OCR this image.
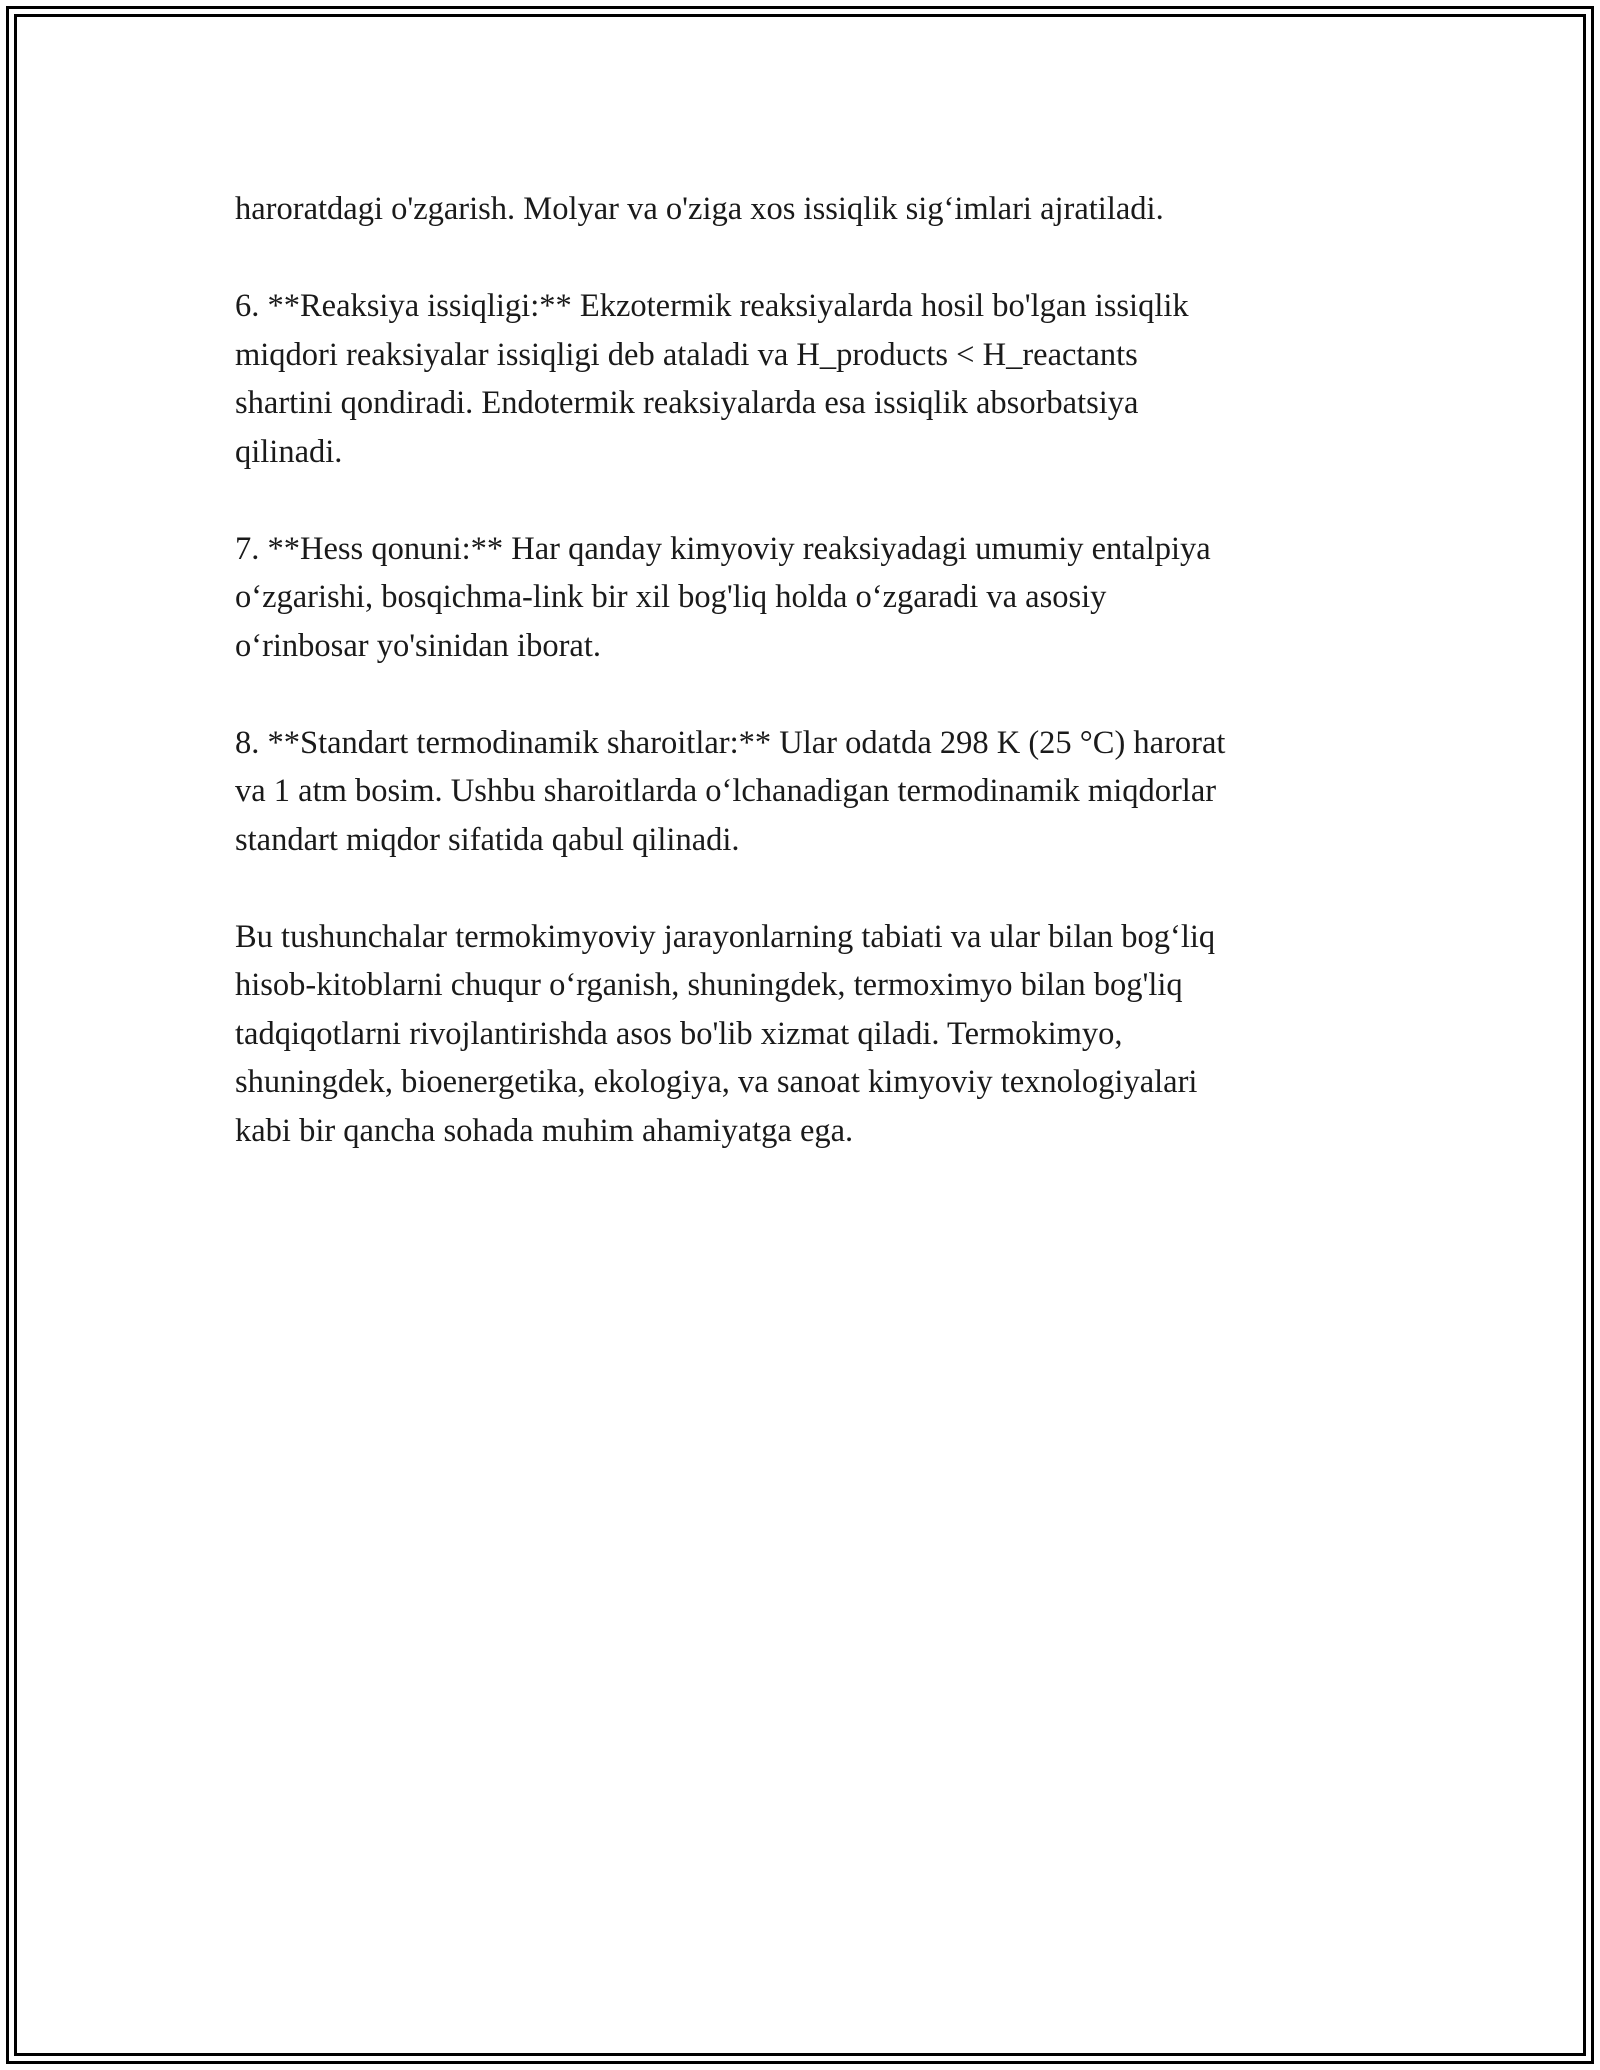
haroratdagi o'zgarish. Molyar va o'ziga xos issiqlik sig‘imlari ajratiladi.

6. **Reaksiya issiqligi:** Ekzotermik reaksiyalarda hosil bo'lgan issiqlik
miqdori reaksiyalar issiqligi deb ataladi va H_products < H_reactants
shartini qondiradi. Endotermik reaksiyalarda esa issiqlik absorbatsiya
qilinadi.

7. **Hess qonuni:** Har qanday kimyoviy reaksiyadagi umumiy entalpiya
o‘zgarishi, bosqichma-link bir xil bog'liq holda o‘zgaradi va asosiy
o‘rinbosar yo'sinidan iborat.

8. **Standart termodinamik sharoitlar:** Ular odatda 298 K (25 °C) harorat
va 1 atm bosim. Ushbu sharoitlarda o‘lchanadigan termodinamik miqdorlar
standart miqdor sifatida qabul qilinadi.

Bu tushunchalar termokimyoviy jarayonlarning tabiati va ular bilan bog‘liq
hisob-kitoblarni chuqur o‘rganish, shuningdek, termoximyo bilan bog'liq
tadqiqotlarni rivojlantirishda asos bo'lib xizmat qiladi. Termokimyo,
shuningdek, bioenergetika, ekologiya, va sanoat kimyoviy texnologiyalari
kabi bir qancha sohada muhim ahamiyatga ega.
